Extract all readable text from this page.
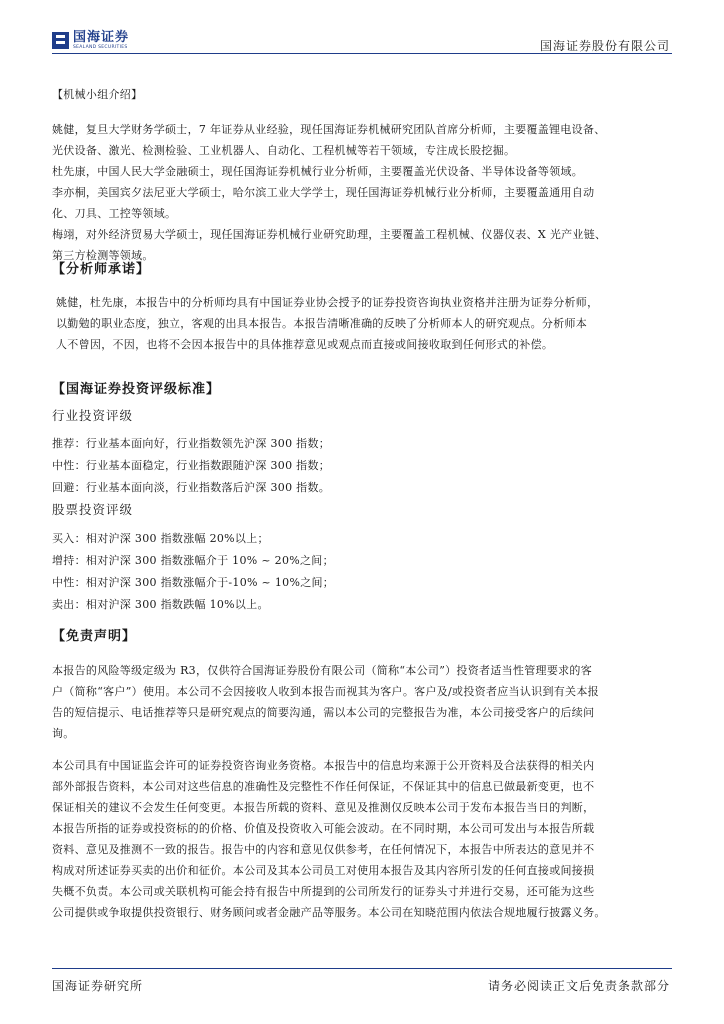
国海证券
SEALAND SECURITIES	国海证券股份有限公司
【机械小组介绍】
姚健，复旦大学财务学硕士，7 年证券从业经验，现任国海证券机械研究团队首席分析师，主要覆盖锂电设备、
光伏设备、激光、检测检验、工业机器人、自动化、工程机械等若干领域，专注成长股挖掘。
杜先康，中国人民大学金融硕士，现任国海证券机械行业分析师，主要覆盖光伏设备、半导体设备等领域。
李亦桐，美国宾夕法尼亚大学硕士，哈尔滨工业大学学士，现任国海证券机械行业分析师，主要覆盖通用自动
化、刀具、工控等领域。
梅翊，对外经济贸易大学硕士，现任国海证券机械行业研究助理，主要覆盖工程机械、仪器仪表、X 光产业链、
第三方检测等领域。
【分析师承诺】
姚健，杜先康，本报告中的分析师均具有中国证券业协会授予的证券投资咨询执业资格并注册为证券分析师，
以勤勉的职业态度，独立，客观的出具本报告。本报告清晰准确的反映了分析师本人的研究观点。分析师本
人不曾因，不因，也将不会因本报告中的具体推荐意见或观点而直接或间接收取到任何形式的补偿。
【国海证券投资评级标准】
行业投资评级
推荐：行业基本面向好，行业指数领先沪深 300 指数；
中性：行业基本面稳定，行业指数跟随沪深 300 指数；
回避：行业基本面向淡，行业指数落后沪深 300 指数。
股票投资评级
买入：相对沪深 300 指数涨幅 20%以上；
增持：相对沪深 300 指数涨幅介于 10% ~ 20%之间；
中性：相对沪深 300 指数涨幅介于-10% ~ 10%之间；
卖出：相对沪深 300 指数跌幅 10%以上。
【免责声明】
本报告的风险等级定级为 R3，仅供符合国海证券股份有限公司（简称“本公司”）投资者适当性管理要求的客
户（简称“客户”）使用。本公司不会因接收人收到本报告而视其为客户。客户及/或投资者应当认识到有关本报
告的短信提示、电话推荐等只是研究观点的简要沟通，需以本公司的完整报告为准，本公司接受客户的后续问
询。
本公司具有中国证监会许可的证券投资咨询业务资格。本报告中的信息均来源于公开资料及合法获得的相关内
部外部报告资料，本公司对这些信息的准确性及完整性不作任何保证，不保证其中的信息已做最新变更，也不
保证相关的建议不会发生任何变更。本报告所载的资料、意见及推测仅反映本公司于发布本报告当日的判断，
本报告所指的证券或投资标的的价格、价值及投资收入可能会波动。在不同时期，本公司可发出与本报告所载
资料、意见及推测不一致的报告。报告中的内容和意见仅供参考，在任何情况下，本报告中所表达的意见并不
构成对所述证券买卖的出价和征价。本公司及其本公司员工对使用本报告及其内容所引发的任何直接或间接损
失概不负责。本公司或关联机构可能会持有报告中所提到的公司所发行的证券头寸并进行交易，还可能为这些
公司提供或争取提供投资银行、财务顾问或者金融产品等服务。本公司在知晓范围内依法合规地履行披露义务。
国海证券研究所	请务必阅读正文后免责条款部分
